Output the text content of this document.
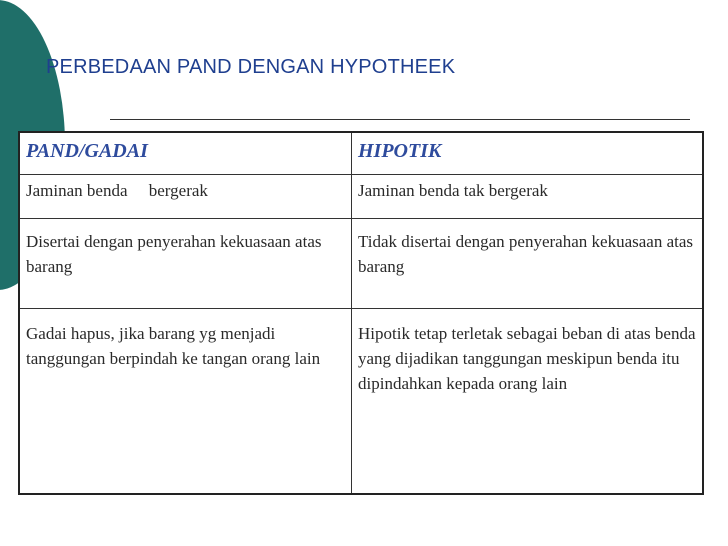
PERBEDAAN PAND DENGAN HYPOTHEEK
PAND/GADAI	HIPOTIK
Jaminan benda     bergerak	Jaminan benda tak bergerak
Disertai dengan penyerahan kekuasaan atas barang
Tidak disertai dengan penyerahan kekuasaan atas barang
Gadai hapus, jika barang yg menjadi tanggungan berpindah ke tangan orang lain
Hipotik tetap terletak sebagai beban di atas benda yang dijadikan tanggungan meskipun benda itu dipindahkan kepada orang lain
